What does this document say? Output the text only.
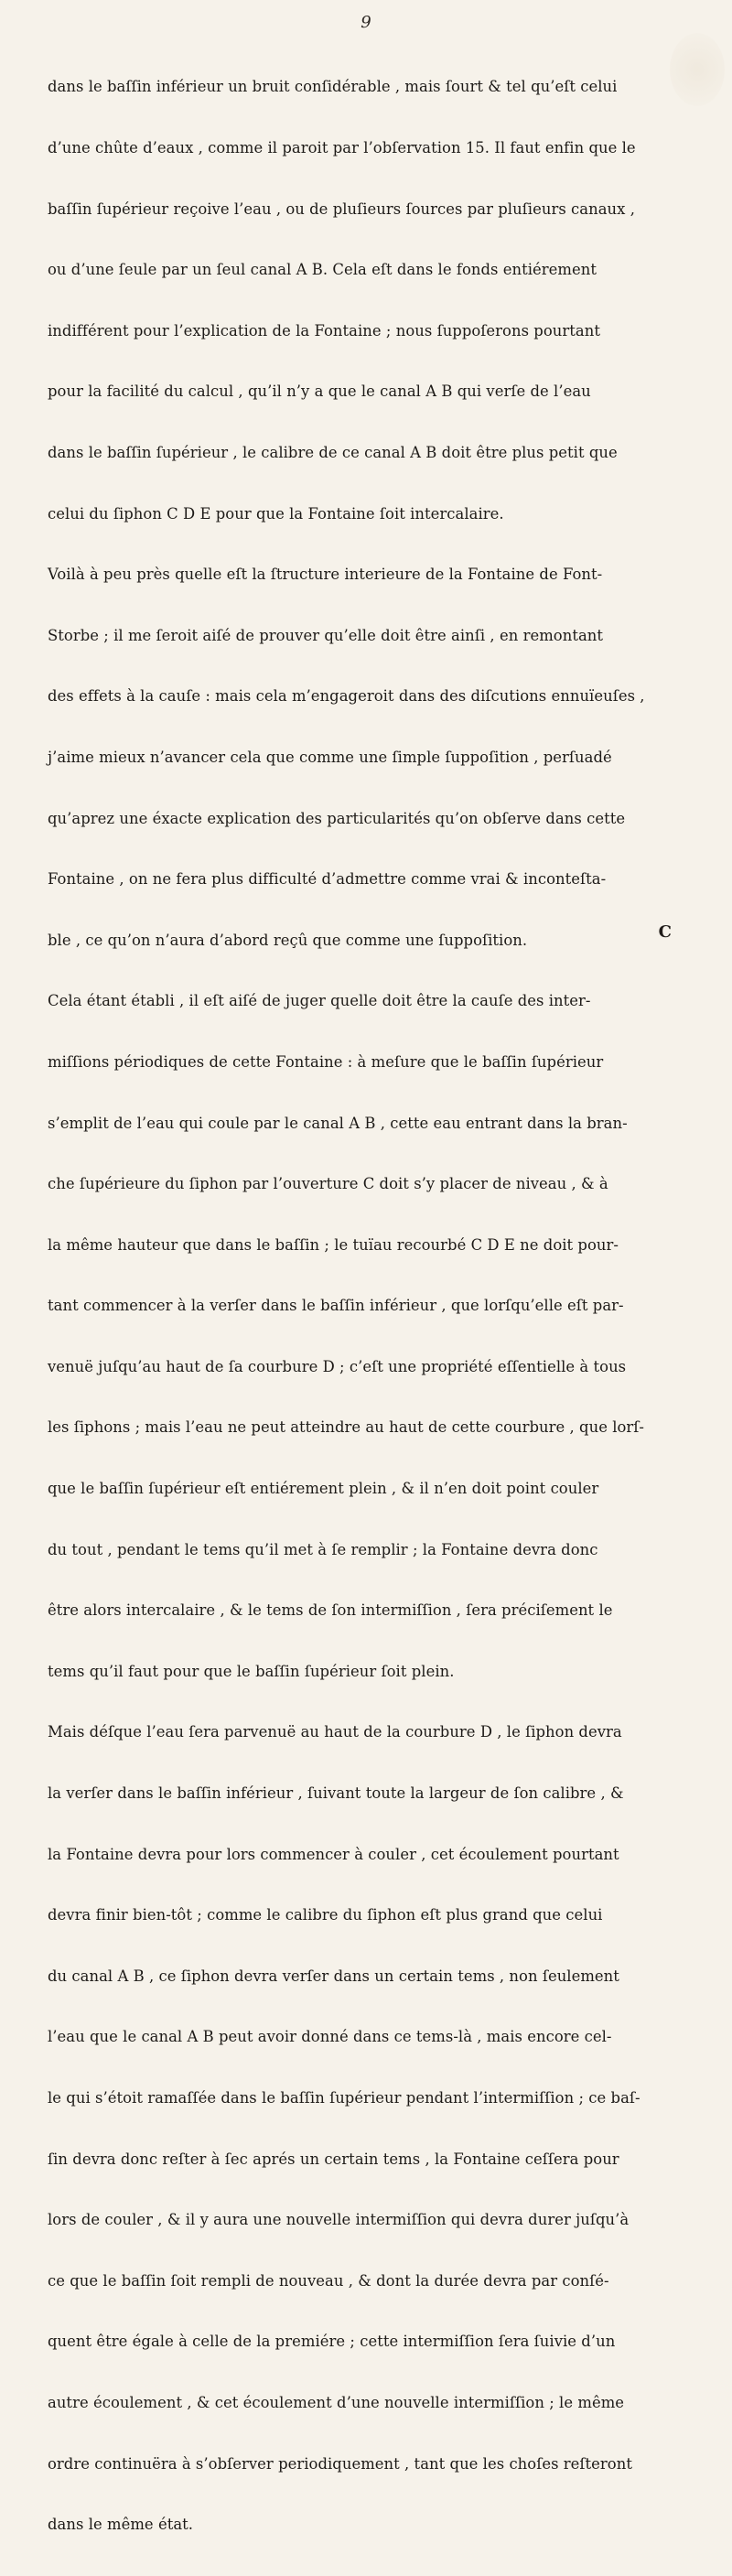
9

dans le baſſin inférieur un bruit conſidérable , mais ſourt & tel qu’eſt celui

d’une chûte d’eaux , comme il paroit par l’obſervation 15. Il faut enfin que le

baſſin ſupérieur reçoive l’eau , ou de pluſieurs ſources par pluſieurs canaux ,

ou d’une ſeule par un ſeul canal A B. Cela eſt dans le fonds entiérement

indifférent pour l’explication de la Fontaine ; nous ſuppoſerons pourtant

pour la facilité du calcul , qu’il n’y a que le canal A B qui verſe de l’eau

dans le baſſin ſupérieur , le calibre de ce canal A B doit être plus petit que

celui du ſiphon C D E pour que la Fontaine ſoit intercalaire.

Voilà à peu près quelle eſt la ſtructure interieure de la Fontaine de Font-

Storbe ; il me ſeroit aiſé de prouver qu’elle doit être ainſi , en remontant

des effets à la cauſe : mais cela m’engageroit dans des diſcutions ennuïeuſes ,

j’aime mieux n’avancer cela que comme une ſimple ſuppoſition , perſuadé

qu’aprez une éxacte explication des particularités qu’on obſerve dans cette

Fontaine , on ne fera plus difficulté d’admettre comme vrai & inconteſta-

ble , ce qu’on n’aura d’abord reçû que comme une ſuppoſition.

Cela étant établi , il eſt aiſé de juger quelle doit être la cauſe des inter-

miſſions périodiques de cette Fontaine : à meſure que le baſſin ſupérieur

s’emplit de l’eau qui coule par le canal A B , cette eau entrant dans la bran-

che ſupérieure du ſiphon par l’ouverture C doit s’y placer de niveau , & à

la même hauteur que dans le baſſin ; le tuïau recourbé C D E ne doit pour-

tant commencer à la verſer dans le baſſin inférieur , que lorſqu’elle eſt par-

venuë juſqu’au haut de ſa courbure D ; c’eſt une propriété eſſentielle à tous

les ſiphons ; mais l’eau ne peut atteindre au haut de cette courbure , que lorſ-

que le baſſin ſupérieur eſt entiérement plein , & il n’en doit point couler

du tout , pendant le tems qu’il met à ſe remplir ; la Fontaine devra donc

être alors intercalaire , & le tems de ſon intermiſſion , ſera préciſement le

tems qu’il faut pour que le baſſin ſupérieur ſoit plein.

Mais déſque l’eau ſera parvenuë au haut de la courbure D , le ſiphon devra

la verſer dans le baſſin inférieur , ſuivant toute la largeur de ſon calibre , &

la Fontaine devra pour lors commencer à couler , cet écoulement pourtant

devra finir bien-tôt ; comme le calibre du ſiphon eſt plus grand que celui

du canal A B , ce ſiphon devra verſer dans un certain tems , non ſeulement

l’eau que le canal A B peut avoir donné dans ce tems-là , mais encore cel-

le qui s’étoit ramaſſée dans le baſſin ſupérieur pendant l’intermiſſion ; ce baſ-

ſin devra donc reſter à ſec aprés un certain tems , la Fontaine ceſſera pour

lors de couler , & il y aura une nouvelle intermiſſion qui devra durer juſqu’à

ce que le baſſin ſoit rempli de nouveau , & dont la durée devra par conſé-

quent être égale à celle de la premiére ; cette intermiſſion ſera ſuivie d’un

autre écoulement , & cet écoulement d’une nouvelle intermiſſion ; le même

ordre continuëra à s’obſerver periodiquement , tant que les choſes reſteront

dans le même état.

C
